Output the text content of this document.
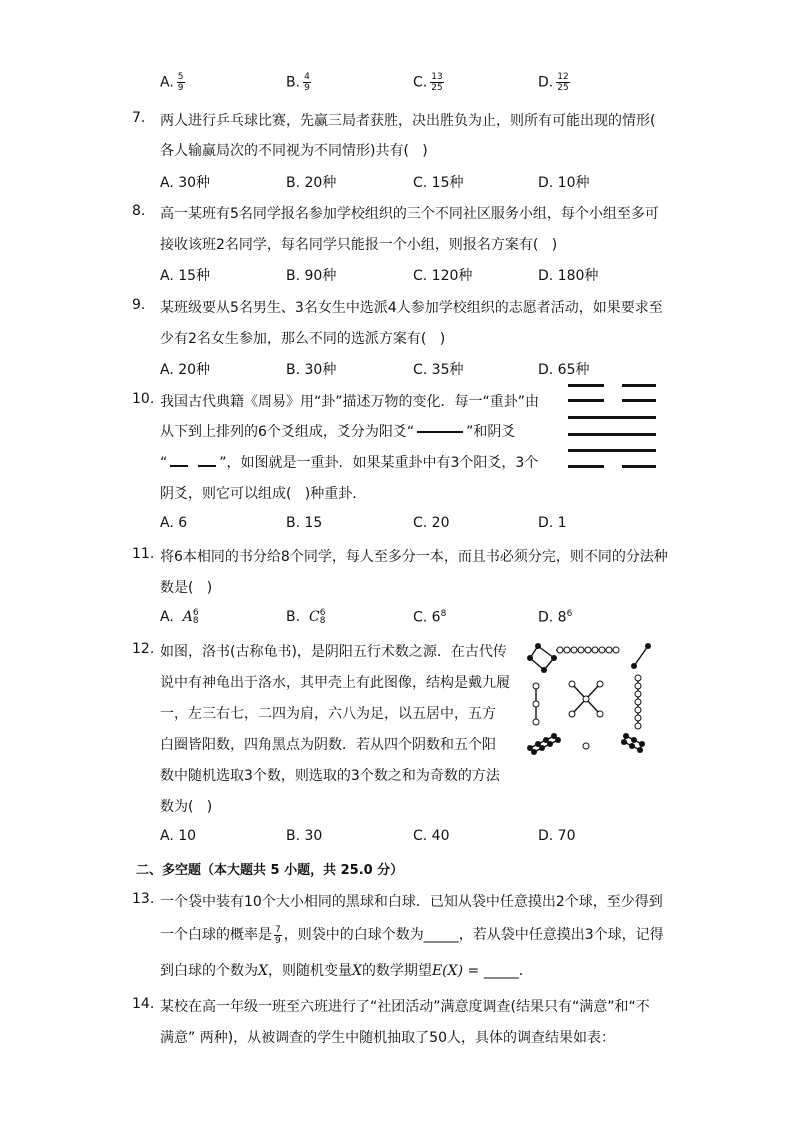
A. $\frac{5}{9}$	B. $\frac{4}{9}$	C. $\frac{13}{25}$	D. $\frac{12}{25}$
7. 两人进行乒乓球比赛，先赢三局者获胜，决出胜负为止，则所有可能出现的情形(
各人输赢局次的不同视为不同情形)共有(   )
A. 30种	B. 20种	C. 15种	D. 10种
8. 高一某班有5名同学报名参加学校组织的三个不同社区服务小组，每个小组至多可
接收该班2名同学，每名同学只能报一个小组，则报名方案有(   )
A. 15种	B. 90种	C. 120种	D. 180种
9. 某班级要从5名男生、3名女生中选派4人参加学校组织的志愿者活动，如果要求至
少有2名女生参加，那么不同的选派方案有(   )
A. 20种	B. 30种	C. 35种	D. 65种
10. 我国古代典籍《周易》用“卦”描述万物的变化．每一“重卦”由
从下到上排列的6个爻组成，爻分为阳爻“	”和阴爻
“	”，如图就是一重卦．如果某重卦中有3个阳爻，3个
阴爻，则它可以组成(   )种重卦．
A. 6	B. 15	C. 20	D. 1
11. 将6本相同的书分给8个同学，每人至多分一本，而且书必须分完，则不同的分法种
数是(   )
A. A 6
8	B. C 6
8	C. $6^8$	D. $8^6$
12. 如图，洛书(古称龟书)，是阴阳五行术数之源．在古代传
说中有神龟出于洛水，其甲壳上有此图像，结构是戴九履
一，左三右七，二四为肩，六八为足，以五居中，五方
白圈皆阳数，四角黑点为阴数．若从四个阴数和五个阳
数中随机选取3个数，则选取的3个数之和为奇数的方法
数为(   )
A. 10	B. 30	C. 40	D. 70
二、多空题（本大题共 5 小题，共 25.0 分）
13. 一个袋中装有10个大小相同的黑球和白球．已知从袋中任意摸出2个球，至少得到
一个白球的概率是 $\frac{7}{9}$ ，则袋中的白球个数为_____，若从袋中任意摸出3个球，记得
到白球的个数为X，则随机变量X的数学期望E(X) = _____．
14. 某校在高一年级一班至六班进行了“社团活动”满意度调查(结果只有“满意”和“不
满意” 两种)，从被调查的学生中随机抽取了50人，具体的调查结果如表：
